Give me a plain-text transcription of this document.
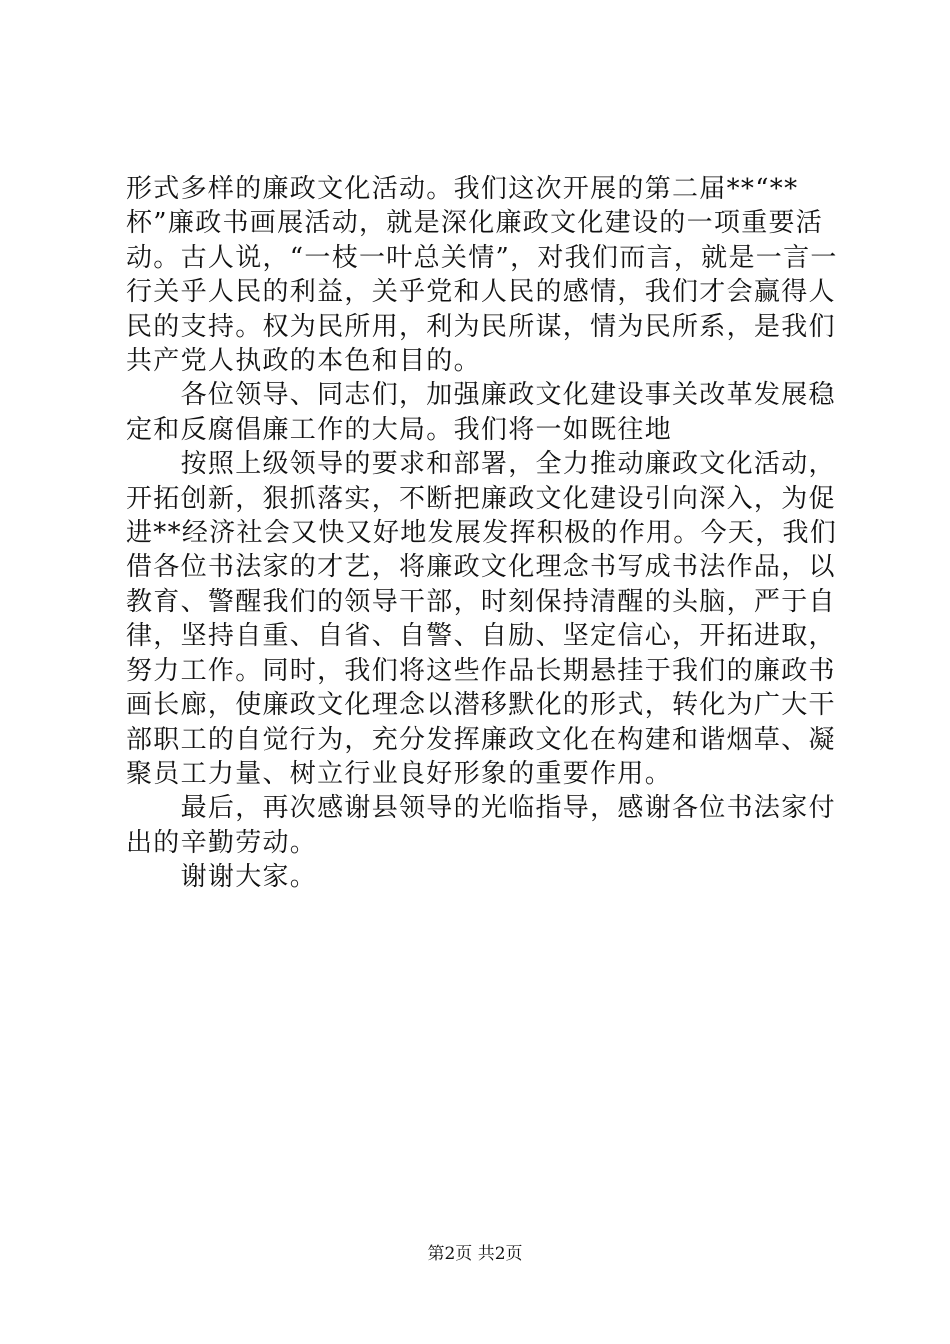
形式多样的廉政文化活动。我们这次开展的第二届**“**杯”廉政书画展活动，就是深化廉政文化建设的一项重要活动。古人说，“一枝一叶总关情”，对我们而言，就是一言一行关乎人民的利益，关乎党和人民的感情，我们才会赢得人民的支持。权为民所用，利为民所谋，情为民所系，是我们共产党人执政的本色和目的。

　　各位领导、同志们，加强廉政文化建设事关改革发展稳定和反腐倡廉工作的大局。我们将一如既往地

　　按照上级领导的要求和部署，全力推动廉政文化活动，开拓创新，狠抓落实，不断把廉政文化建设引向深入，为促进**经济社会又快又好地发展发挥积极的作用。今天，我们借各位书法家的才艺，将廉政文化理念书写成书法作品，以教育、警醒我们的领导干部，时刻保持清醒的头脑，严于自律，坚持自重、自省、自警、自励、坚定信心，开拓进取，努力工作。同时，我们将这些作品长期悬挂于我们的廉政书画长廊，使廉政文化理念以潜移默化的形式，转化为广大干部职工的自觉行为，充分发挥廉政文化在构建和谐烟草、凝聚员工力量、树立行业良好形象的重要作用。

　　最后，再次感谢县领导的光临指导，感谢各位书法家付出的辛勤劳动。

　　谢谢大家。

第2页 共2页
